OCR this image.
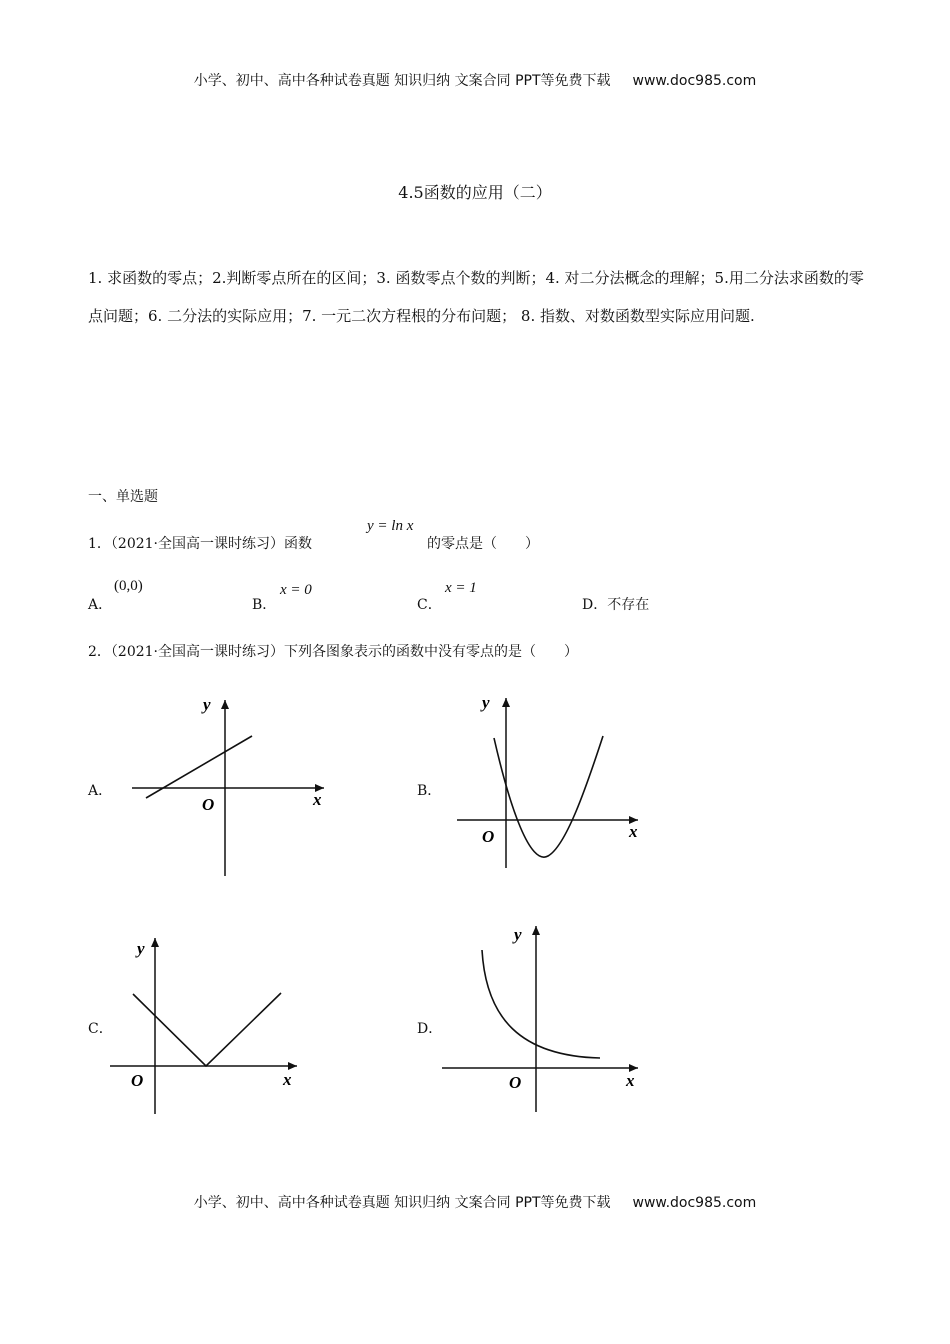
小学、初中、高中各种试卷真题 知识归纳 文案合同 PPT等免费下载 www.doc985.com
4.5函数的应用（二）
1. 求函数的零点；2.判断零点所在的区间；3. 函数零点个数的判断；4. 对二分法概念的理解；5.用二分法求函数的零点问题；6. 二分法的实际应用；7. 一元二次方程根的分布问题； 8. 指数、对数函数型实际应用问题.
一、单选题
1．（2021·全国高一课时练习）函数
y = ln x
的零点是（　　）
A．
(0,0)
B．
x = 0
C．
x = 1
D．不存在
2．（2021·全国高一课时练习）下列各图象表示的函数中没有零点的是（　　）
A．
y
x
O
B．
y
x
O
C．
y
x
O
D．
y
x
O
小学、初中、高中各种试卷真题 知识归纳 文案合同 PPT等免费下载 www.doc985.com
